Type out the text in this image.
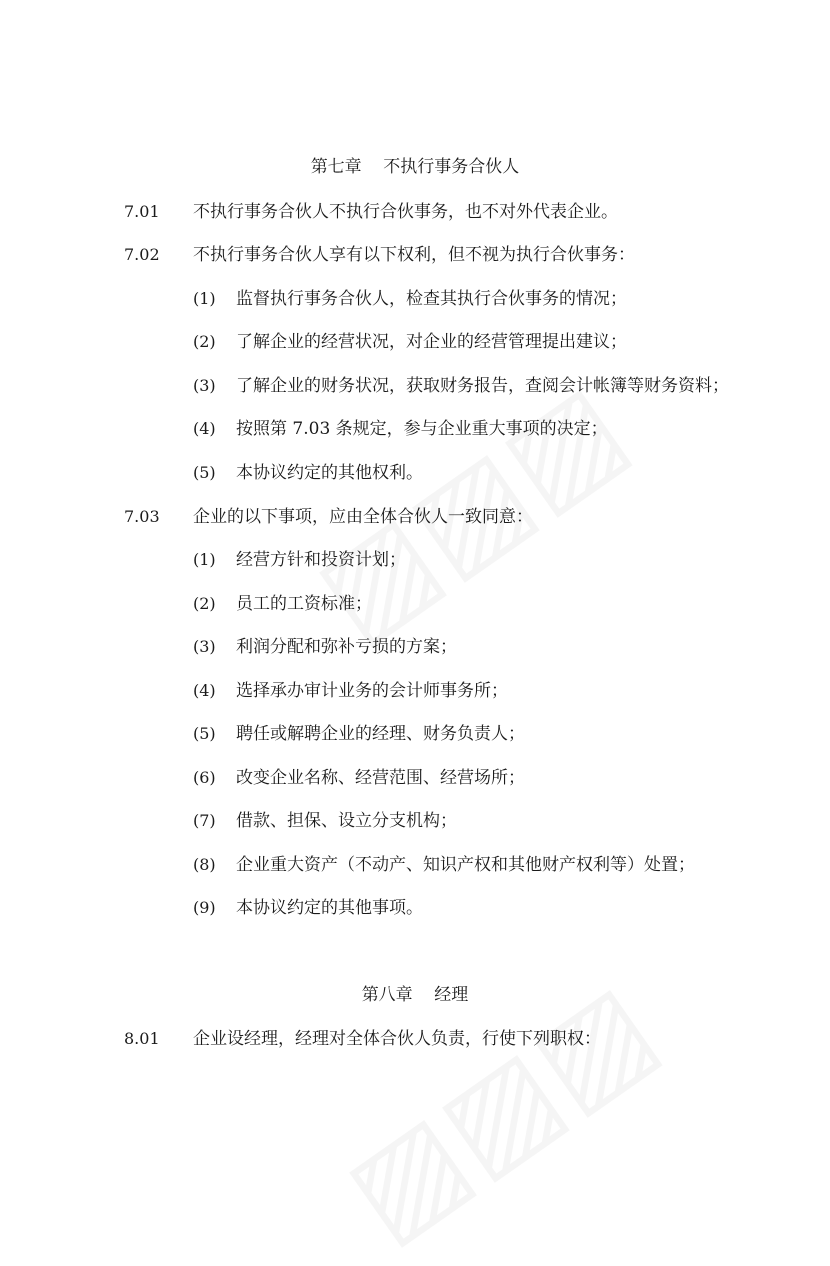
第七章    不执行事务合伙人
7.01 不执行事务合伙人不执行合伙事务，也不对外代表企业。
7.02 不执行事务合伙人享有以下权利，但不视为执行合伙事务：
(1) 监督执行事务合伙人，检查其执行合伙事务的情况；
(2) 了解企业的经营状况，对企业的经营管理提出建议；
(3) 了解企业的财务状况，获取财务报告，查阅会计帐簿等财务资料；
(4) 按照第 7.03 条规定，参与企业重大事项的决定；
(5) 本协议约定的其他权利。
7.03 企业的以下事项，应由全体合伙人一致同意：
(1) 经营方针和投资计划；
(2) 员工的工资标准；
(3) 利润分配和弥补亏损的方案；
(4) 选择承办审计业务的会计师事务所；
(5) 聘任或解聘企业的经理、财务负责人；
(6) 改变企业名称、经营范围、经营场所；
(7) 借款、担保、设立分支机构；
(8) 企业重大资产（不动产、知识产权和其他财产权利等）处置；
(9) 本协议约定的其他事项。
第八章    经理
8.01 企业设经理，经理对全体合伙人负责，行使下列职权：
